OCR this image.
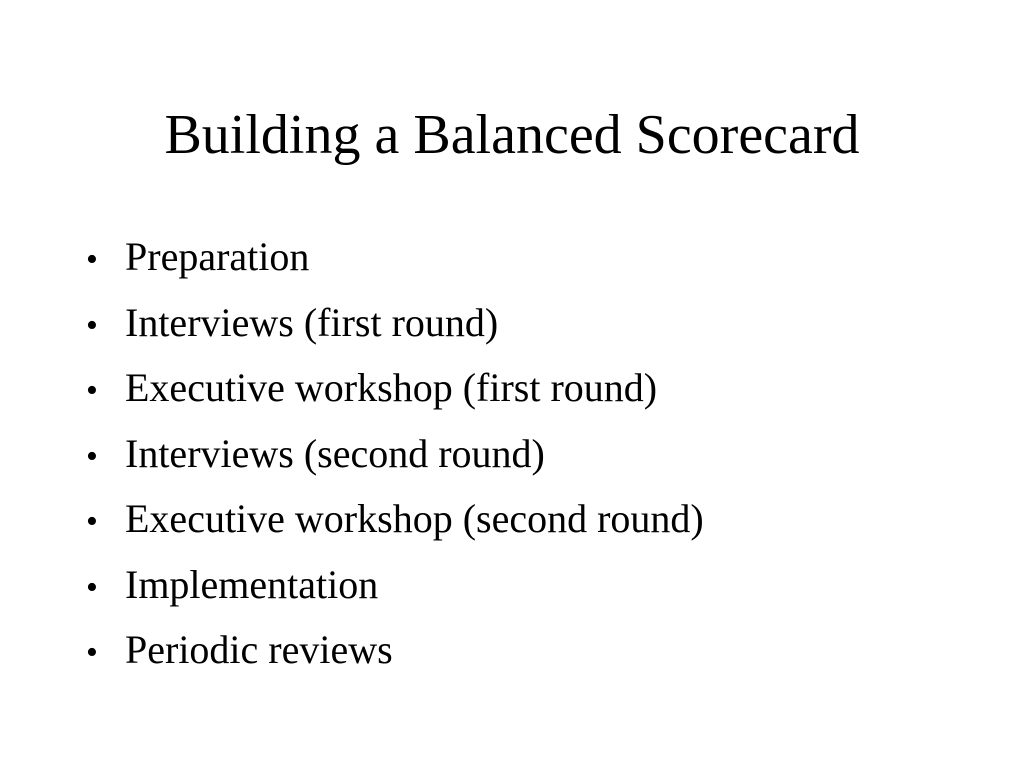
Building a Balanced Scorecard
• Preparation
• Interviews (first round)
• Executive workshop (first round)
• Interviews (second round)
• Executive workshop (second round)
• Implementation
• Periodic reviews
